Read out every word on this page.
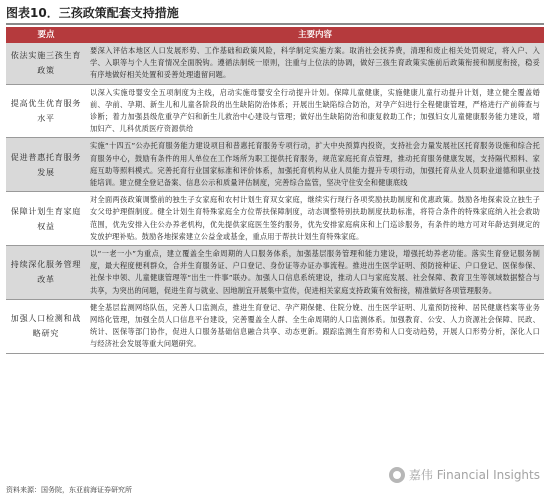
图表10．三孩政策配套支持措施
要点	主要内容
依法实施三孩生育政策	要深入评估本地区人口发展形势、工作基础和政策风险，科学制定实施方案。取消社会抚养费，清理和废止相关处罚规定，将入户、入学、入职等与个人生育情况全面脱钩。遵循法制统一原则，注重与上位法的协调，做好三孩生育政策实施前后政策衔接和制度衔接，稳妥有序地做好相关处置和妥善处理遗留问题。
提高优生优育服务水平	以深入实施母婴安全五项制度为主线，启动实施母婴安全行动提升计划。保障儿童健康，实施健康儿童行动提升计划，建立健全覆盖婚前、孕前、孕期、新生儿和儿童各阶段的出生缺陷防治体系；开展出生缺陷综合防治，对孕产妇进行全程健康管理，严格进行产前筛查与诊断；着力加强县级危重孕产妇和新生儿救治中心建设与管理；做好出生缺陷防治和康复救助工作；加强妇女儿童健康服务能力建设，增加妇产、儿科优质医疗资源供给
促进普惠托育服务发展	实施“十四五”公办托育服务能力建设项目和普惠托育服务专项行动，扩大中央预算内投资，支持社会力量发展社区托育服务设施和综合托育服务中心，鼓励有条件的用人单位在工作场所为职工提供托育服务，规范家庭托育点管理，推动托育服务健康发展，支持隔代照料、家庭互助等照料模式。完善托育行业国家标准和评价体系，加强托育机构从业人员能力提升专项行动，加强托育从业人员职业道德和职业技能培训。建立健全登记备案、信息公示和质量评估制度，完善综合监管，坚决守住安全和健康底线
保障计划生育家庭权益	对全面两孩政策调整前的独生子女家庭和农村计划生育双女家庭，继续实行现行各项奖励扶助制度和优惠政策。鼓励各地探索设立独生子女父母护理假制度。健全计划生育特殊家庭全方位帮扶保障制度，动态调整特别扶助制度扶助标准，将符合条件的特殊家庭纳入社会救助范围，优先安排入住公办养老机构，优先提供家庭医生签约服务，优先安排家庭病床和上门巡诊服务，有条件的地方可对年龄达到规定的发放护理补贴。鼓励各地探索建立公益金或基金，重点用于帮扶计划生育特殊家庭。
持续深化服务管理改革	以“一老一小”为重点，建立覆盖全生命周期的人口服务体系，加强基层服务管理和能力建设，增强托幼养老功能。落实生育登记服务制度，最大程度便利群众，合并生育服务证、户口登记、身份证等办证办事流程。推进出生医学证明、预防接种证、户口登记、医保参保、社保卡申领、儿童健康管理等“出生一件事”联办。加强人口信息系统建设，推动人口与家庭发展、社会保障、教育卫生等领域数据整合与共享，为突出的问题，促进生育与就业、因地制宜开展集中宣传，促进相关家庭支持政策有效衔接，精准做好各项管理服务。
加强人口检测和战略研究	健全基层监测网络队伍，完善人口监测点，推进生育登记、孕产期保健、住院分娩、出生医学证明、儿童预防接种、居民健康档案等业务网络化管理，加强全员人口信息平台建设，完善覆盖全人群、全生命周期的人口监测体系。加强教育、公安、人力资源社会保障、民政、统计、医保等部门协作，促进人口服务基础信息融合共享、动态更新。跟踪监测生育形势和人口变动趋势，开展人口形势分析，深化人口与经济社会发展等重大问题研究。
资料来源：国务院，东亚前海证券研究所
嘉伟 Financial Insights
